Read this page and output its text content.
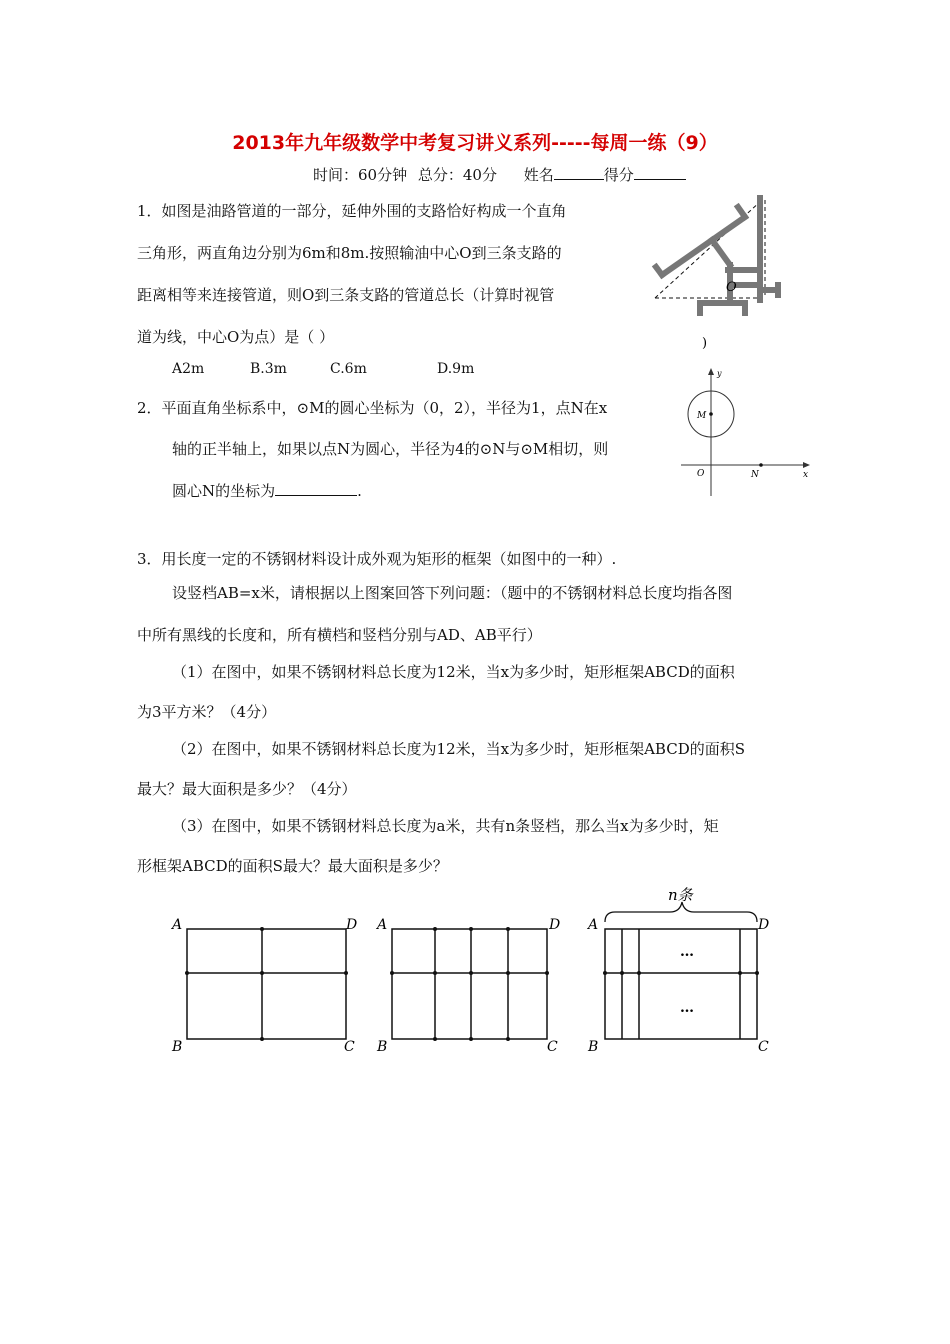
2013年九年级数学中考复习讲义系列-----每周一练（9）
时间：60分钟 总分：40分 姓名	得分
1．如图是油路管道的一部分，延伸外围的支路恰好构成一个直角
三角形，两直角边分别为6m和8m.按照输油中心O到三条支路的
距离相等来连接管道，则O到三条支路的管道总长（计算时视管
道为线，中心O为点）是（ ）
A2m	B.3m	C.6m	D.9m
O
)
2．平面直角坐标系中，⊙M的圆心坐标为（0，2），半径为1，点N在x
轴的正半轴上，如果以点N为圆心，半径为4的⊙N与⊙M相切，则
圆心N的坐标为	.
y
M
O	N	x
3．用长度一定的不锈钢材料设计成外观为矩形的框架（如图中的一种）.
设竖档AB=x米，请根据以上图案回答下列问题：（题中的不锈钢材料总长度均指各图
中所有黑线的长度和，所有横档和竖档分别与AD、AB平行）
（1）在图中，如果不锈钢材料总长度为12米，当x为多少时，矩形框架ABCD的面积
为3平方米？（4分）
（2）在图中，如果不锈钢材料总长度为12米，当x为多少时，矩形框架ABCD的面积S
最大？最大面积是多少？（4分）
（3）在图中，如果不锈钢材料总长度为a米，共有n条竖档，那么当x为多少时，矩
形框架ABCD的面积S最大？最大面积是多少？
A	D
B	C
A	D
B	C
n条
…
…
A	D
B	C
